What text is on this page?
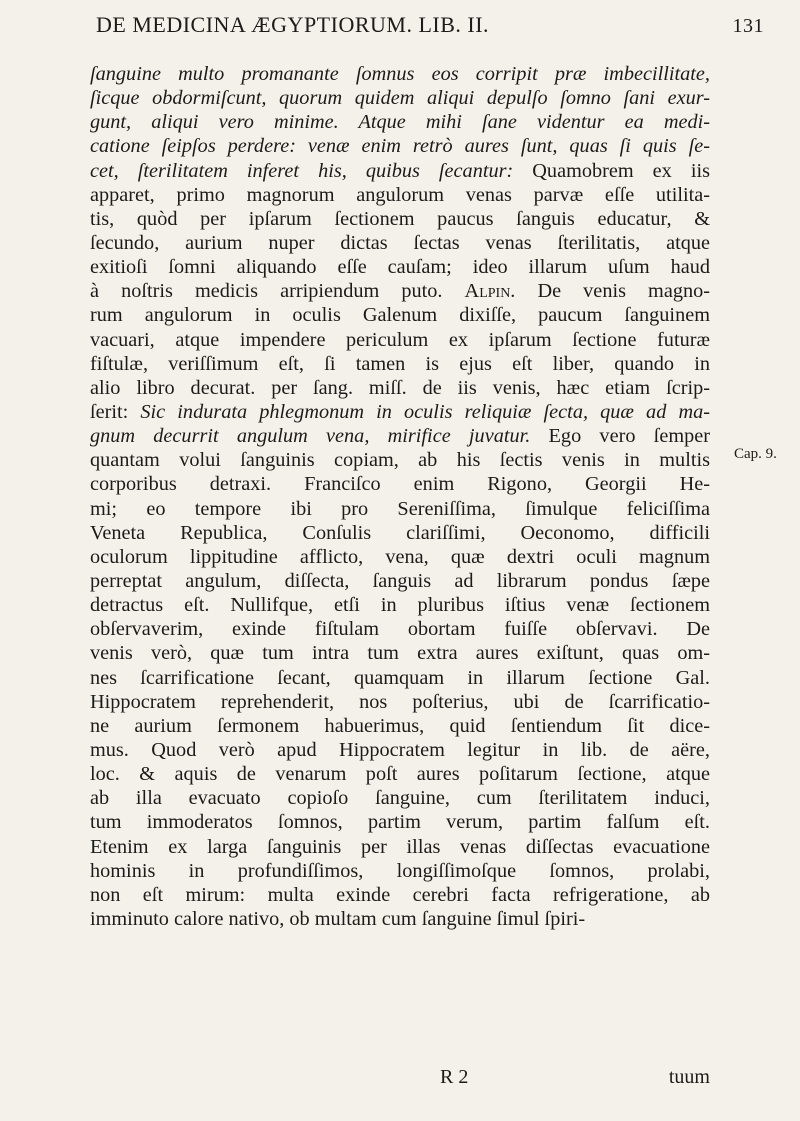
DE MEDICINA ÆGYPTIORUM. LIB. II.	131
ſanguine multo promanante ſomnus eos corripit præ imbecillitate,
ſicque obdormiſcunt, quorum quidem aliqui depulſo ſomno ſani exur-
gunt, aliqui vero minime. Atque mihi ſane videntur ea medi-
catione ſeipſos perdere: venæ enim retrò aures ſunt, quas ſi quis ſe-
cet, ſterilitatem inferet his, quibus ſecantur: Quamobrem ex iis
apparet, primo magnorum angulorum venas parvæ eſſe utilita-
tis, quòd per ipſarum ſectionem paucus ſanguis educatur, &
ſecundo, aurium nuper dictas ſectas venas ſterilitatis, atque
exitioſi ſomni aliquando eſſe cauſam; ideo illarum uſum haud
à noſtris medicis arripiendum puto. Alpin. De venis magno-
rum angulorum in oculis Galenum dixiſſe, paucum ſanguinem
vacuari, atque impendere periculum ex ipſarum ſectione futuræ
fiſtulæ, veriſſimum eſt, ſi tamen is ejus eſt liber, quando in
alio libro decurat. per ſang. miſſ. de iis venis, hæc etiam ſcrip-
ſerit: Sic indurata phlegmonum in oculis reliquiæ ſecta, quæ ad ma-
gnum decurrit angulum vena, mirifice juvatur. Ego vero ſemper
quantam volui ſanguinis copiam, ab his ſectis venis in multis
corporibus detraxi. Franciſco enim Rigono, Georgii He-
mi; eo tempore ibi pro Sereniſſima, ſimulque feliciſſima
Veneta Republica, Conſulis clariſſimi, Oeconomo, difficili
oculorum lippitudine afflicto, vena, quæ dextri oculi magnum
perreptat angulum, diſſecta, ſanguis ad librarum pondus ſæpe
detractus eſt. Nullifque, etſi in pluribus iſtius venæ ſectionem
obſervaverim, exinde fiſtulam obortam fuiſſe obſervavi. De
venis verò, quæ tum intra tum extra aures exiſtunt, quas om-
nes ſcarrificatione ſecant, quamquam in illarum ſectione Gal.
Hippocratem reprehenderit, nos poſterius, ubi de ſcarrificatio-
ne aurium ſermonem habuerimus, quid ſentiendum ſit dice-
mus. Quod verò apud Hippocratem legitur in lib. de aëre,
loc. & aquis de venarum poſt aures poſitarum ſectione, atque
ab illa evacuato copioſo ſanguine, cum ſterilitatem induci,
tum immoderatos ſomnos, partim verum, partim falſum eſt.
Etenim ex larga ſanguinis per illas venas diſſectas evacuatione
hominis in profundiſſimos, longiſſimoſque ſomnos, prolabi,
non eſt mirum: multa exinde cerebri facta refrigeratione, ab
imminuto calore nativo, ob multam cum ſanguine ſimul ſpiri-
Cap. 9.
R 2	tuum
